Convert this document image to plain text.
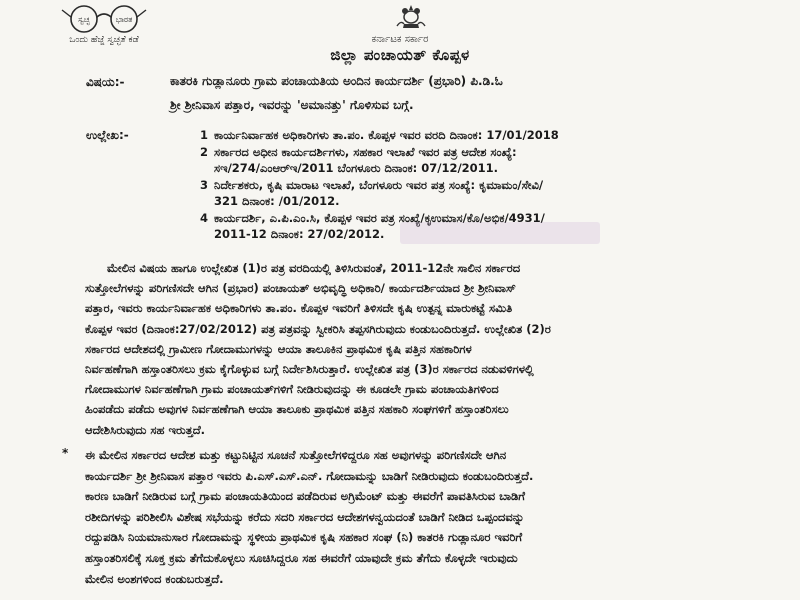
ಸ್ವಚ್ಛ	ಭಾರತ
ಒಂದು ಹೆಜ್ಜೆ ಸ್ವಚ್ಛತೆ ಕಡೆ	ಕರ್ನಾಟಕ ಸರ್ಕಾರ
ಜಿಲ್ಲಾ ಪಂಚಾಯತ್ ಕೊಪ್ಪಳ
ವಿಷಯ:-	ಕಾತರಕಿ ಗುಡ್ಲಾನೂರು ಗ್ರಾಮ ಪಂಚಾಯತಿಯ ಅಂದಿನ ಕಾರ್ಯದರ್ಶಿ (ಪ್ರಭಾರಿ) ಪಿ.ಡಿ.ಓ
ಶ್ರೀ ಶ್ರೀನಿವಾಸ ಪತ್ತಾರ, ಇವರನ್ನು 'ಅಮಾನತ್ತು' ಗೊಳಿಸುವ ಬಗ್ಗೆ.
ಉಲ್ಲೇಖ:-	1 ಕಾರ್ಯನಿರ್ವಾಹಕ ಅಧಿಕಾರಿಗಳು ತಾ.ಪಂ. ಕೊಪ್ಪಳ ಇವರ ವರದಿ ದಿನಾಂಕ: 17/01/2018
2 ಸರ್ಕಾರದ ಅಧೀನ ಕಾರ್ಯದರ್ಶಿಗಳು, ಸಹಕಾರ ಇಲಾಖೆ ಇವರ ಪತ್ರ ಆದೇಶ ಸಂಖ್ಯೆ:
ಸಇ/274/ಎಂಆರ್‌ಇ/2011 ಬೆಂಗಳೂರು ದಿನಾಂಕ: 07/12/2011.
3 ನಿರ್ದೇಶಕರು, ಕೃಷಿ ಮಾರಾಟ ಇಲಾಖೆ, ಬೆಂಗಳೂರು ಇವರ ಪತ್ರ ಸಂಖ್ಯೆ: ಕೃಮಾಮಂ/ಸೇವಿ/
321 ದಿನಾಂಕ: /01/2012.
4 ಕಾರ್ಯದರ್ಶಿ, ಎ.ಪಿ.ಎಂ.ಸಿ, ಕೊಪ್ಪಳ ಇವರ ಪತ್ರ ಸಂಖ್ಯೆ/ಕೃಉಮಾಸ/ಕೊ/ಅಭಿಕ/4931/
2011-12 ದಿನಾಂಕ: 27/02/2012.
ಮೇಲಿನ ವಿಷಯ ಹಾಗೂ ಉಲ್ಲೇಖಿತ (1)ರ ಪತ್ರ ವರದಿಯಲ್ಲಿ ತಿಳಿಸಿರುವಂತೆ, 2011-12ನೇ ಸಾಲಿನ ಸರ್ಕಾರದ
ಸುತ್ತೋಲೆಗಳನ್ನು ಪರಿಗಣಿಸದೇ ಆಗಿನ (ಪ್ರಭಾರ) ಪಂಚಾಯತ್ ಅಭಿವೃದ್ಧಿ ಅಧಿಕಾರಿ/ ಕಾರ್ಯದರ್ಶಿಯಾದ ಶ್ರೀ ಶ್ರೀನಿವಾಸ್
ಪತ್ತಾರ, ಇವರು ಕಾರ್ಯನಿರ್ವಾಹಕ ಅಧಿಕಾರಿಗಳು ತಾ.ಪಂ. ಕೊಪ್ಪಳ ಇವರಿಗೆ ತಿಳಿಸದೇ ಕೃಷಿ ಉತ್ಪನ್ನ ಮಾರುಕಟ್ಟೆ ಸಮಿತಿ
ಕೊಪ್ಪಳ ಇವರ (ದಿನಾಂಕ:27/02/2012) ಪತ್ರ ಪತ್ರವನ್ನು ಸ್ವೀಕರಿಸಿ ತಪ್ಪಸಗಿರುವುದು ಕಂಡುಬಂದಿರುತ್ತದೆ. ಉಲ್ಲೇಖಿತ (2)ರ
ಸರ್ಕಾರದ ಆದೇಶದಲ್ಲಿ ಗ್ರಾಮೀಣ ಗೋದಾಮುಗಳನ್ನು ಆಯಾ ತಾಲೂಕಿನ ಪ್ರಾಥಮಿಕ ಕೃಷಿ ಪತ್ತಿನ ಸಹಕಾರಿಗಳ
ನಿರ್ವಹಣೆಗಾಗಿ ಹಸ್ತಾಂತರಿಸಲು ಕ್ರಮ ಕೈಗೊಳ್ಳುವ ಬಗ್ಗೆ ನಿರ್ದೇಶಿಸಿರುತ್ತಾರೆ. ಉಲ್ಲೇಖಿತ ಪತ್ರ (3)ರ ಸರ್ಕಾರದ ನಡುವಳಿಗಳಲ್ಲಿ
ಗೋದಾಮುಗಳ ನಿರ್ವಹಣೆಗಾಗಿ ಗ್ರಾಮ ಪಂಚಾಯತ್‌ಗಳಿಗೆ ನೀಡಿರುವುದನ್ನು ಈ ಕೂಡಲೇ ಗ್ರಾಮ ಪಂಚಾಯತಿಗಳಿಂದ
ಹಿಂಪಡೆದು ಪಡೆದು ಅವುಗಳ ನಿರ್ವಹಣೆಗಾಗಿ ಆಯಾ ತಾಲೂಕು ಪ್ರಾಥಮಿಕ ಪತ್ತಿನ ಸಹಕಾರಿ ಸಂಘಗಳಿಗೆ ಹಸ್ತಾಂತರಿಸಲು
ಆದೇಶಿಸಿರುವುದು ಸಹ ಇರುತ್ತದೆ.
* ಈ ಮೇಲಿನ ಸರ್ಕಾರದ ಆದೇಶ ಮತ್ತು ಕಟ್ಟುನಿಟ್ಟಿನ ಸೂಚನೆ ಸುತ್ತೋಲೆಗಳಿದ್ದರೂ ಸಹ ಅವುಗಳನ್ನು ಪರಿಗಣಿಸದೇ ಆಗಿನ
ಕಾರ್ಯದರ್ಶಿ ಶ್ರೀ ಶ್ರೀನಿವಾಸ ಪತ್ತಾರ ಇವರು ಪಿ.ಎಸ್.ಎಸ್.ಎನ್. ಗೋದಾಮನ್ನು ಬಾಡಿಗೆ ನೀಡಿರುವುದು ಕಂಡುಬಂದಿರುತ್ತದೆ.
ಕಾರಣ ಬಾಡಿಗೆ ನೀಡಿರುವ ಬಗ್ಗೆ ಗ್ರಾಮ ಪಂಚಾಯತಿಯಿಂದ ಪಡೆದಿರುವ ಅಗ್ರಿಮೆಂಟ್ ಮತ್ತು ಈವರೆಗೆ ಪಾವತಿಸಿರುವ ಬಾಡಿಗೆ
ರಶೀದಿಗಳನ್ನು ಪರಿಶೀಲಿಸಿ ವಿಶೇಷ ಸಭೆಯನ್ನು ಕರೆದು ಸದರಿ ಸರ್ಕಾರದ ಆದೇಶಗಳನ್ವಯದಂತೆ ಬಾಡಿಗೆ ನೀಡಿದ ಒಪ್ಪಂದವನ್ನು
ರದ್ದುಪಡಿಸಿ ನಿಯಮಾನುಸಾರ ಗೋದಾಮನ್ನು ಸ್ಥಳೀಯ ಪ್ರಾಥಮಿಕ ಕೃಷಿ ಸಹಕಾರ ಸಂಘ (ನಿ) ಕಾತರಕಿ ಗುಡ್ಲಾನೂರ ಇವರಿಗೆ
ಹಸ್ತಾಂತರಿಸಲಿಕ್ಕೆ ಸೂಕ್ತ ಕ್ರಮ ತೆಗೆದುಕೊಳ್ಳಲು ಸೂಚಿಸಿದ್ದರೂ ಸಹ ಈವರೆಗೆ ಯಾವುದೇ ಕ್ರಮ ತೆಗೆದು ಕೊಳ್ಳದೇ ಇರುವುದು
ಮೇಲಿನ ಅಂಶಗಳಿಂದ ಕಂಡುಬರುತ್ತದೆ.
